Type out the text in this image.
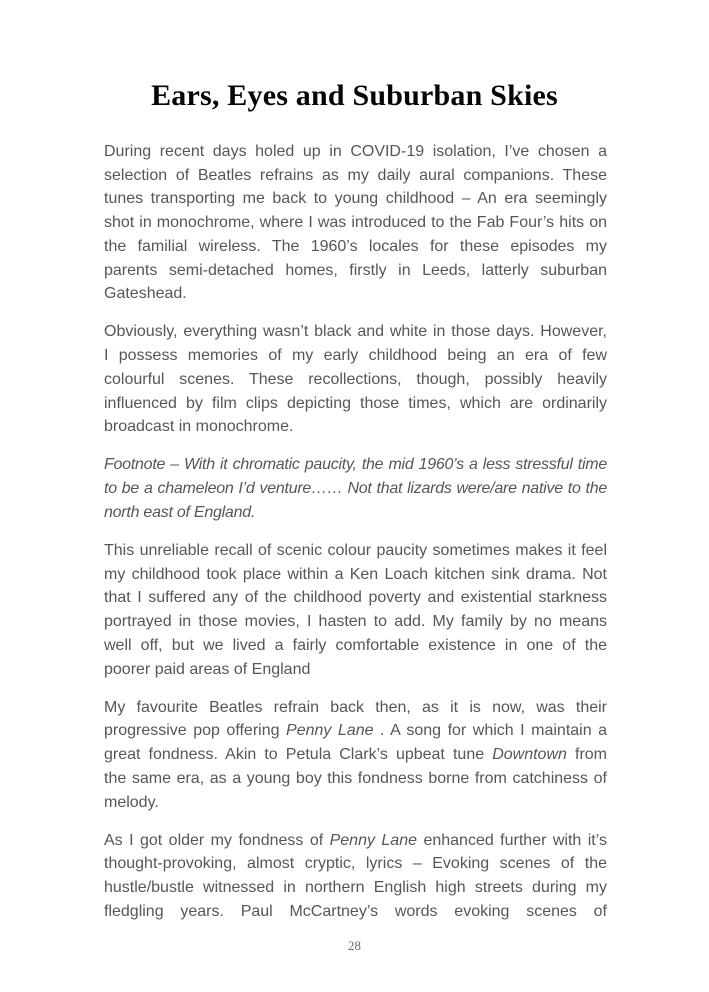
Ears, Eyes and Suburban Skies
During recent days holed up in COVID-19 isolation, I’ve chosen a
selection of Beatles refrains as my daily aural companions. These
tunes transporting me back to young childhood – An era seemingly
shot in monochrome, where I was introduced to the Fab Four’s hits on
the familial wireless. The 1960’s locales for these episodes my
parents semi-detached homes, firstly in Leeds, latterly suburban
Gateshead.
Obviously, everything wasn’t black and white in those days. However,
I possess memories of my early childhood being an era of few
colourful scenes. These recollections, though, possibly heavily
influenced by film clips depicting those times, which are ordinarily
broadcast in monochrome.
Footnote – With it chromatic paucity, the mid 1960’s a less stressful time
to be a chameleon I’d venture…… Not that lizards were/are native to the
north east of England.
This unreliable recall of scenic colour paucity sometimes makes it feel
my childhood took place within a Ken Loach kitchen sink drama. Not
that I suffered any of the childhood poverty and existential starkness
portrayed in those movies, I hasten to add. My family by no means
well off, but we lived a fairly comfortable existence in one of the
poorer paid areas of England
My favourite Beatles refrain back then, as it is now, was their
progressive pop offering Penny Lane . A song for which I maintain a
great fondness. Akin to Petula Clark’s upbeat tune Downtown from
the same era, as a young boy this fondness borne from catchiness of
melody.
As I got older my fondness of Penny Lane enhanced further with it’s
thought-provoking, almost cryptic, lyrics – Evoking scenes of the
hustle/bustle witnessed in northern English high streets during my
fledgling years. Paul McCartney’s words evoking scenes of
28
